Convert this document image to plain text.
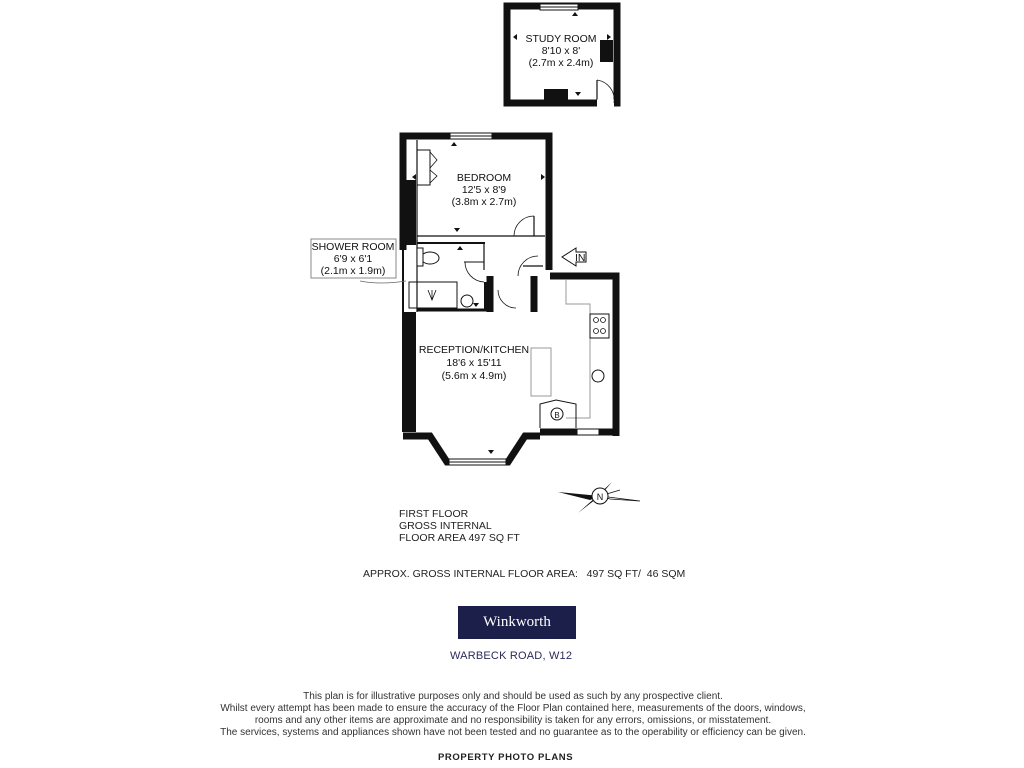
STUDY ROOM
8'10 x 8'
(2.7m x 2.4m)
BEDROOM
12'5 x 8'9
(3.8m x 2.7m)
SHOWER ROOM
6'9 x 6'1
(2.1m x 1.9m)
IN
B
RECEPTION/KITCHEN
18'6 x 15'11
(5.6m x 4.9m)
N
FIRST FLOOR
GROSS INTERNAL
FLOOR AREA 497 SQ FT
APPROX. GROSS INTERNAL FLOOR AREA:   497 SQ FT/  46 SQM
Winkworth
WARBECK ROAD, W12
This plan is for illustrative purposes only and should be used as such by any prospective client.
Whilst every attempt has been made to ensure the accuracy of the Floor Plan contained here, measurements of the doors, windows,
rooms and any other items are approximate and no responsibility is taken for any errors, omissions, or misstatement.
The services, systems and appliances shown have not been tested and no guarantee as to the operability or efficiency can be given.
PROPERTY PHOTO PLANS
